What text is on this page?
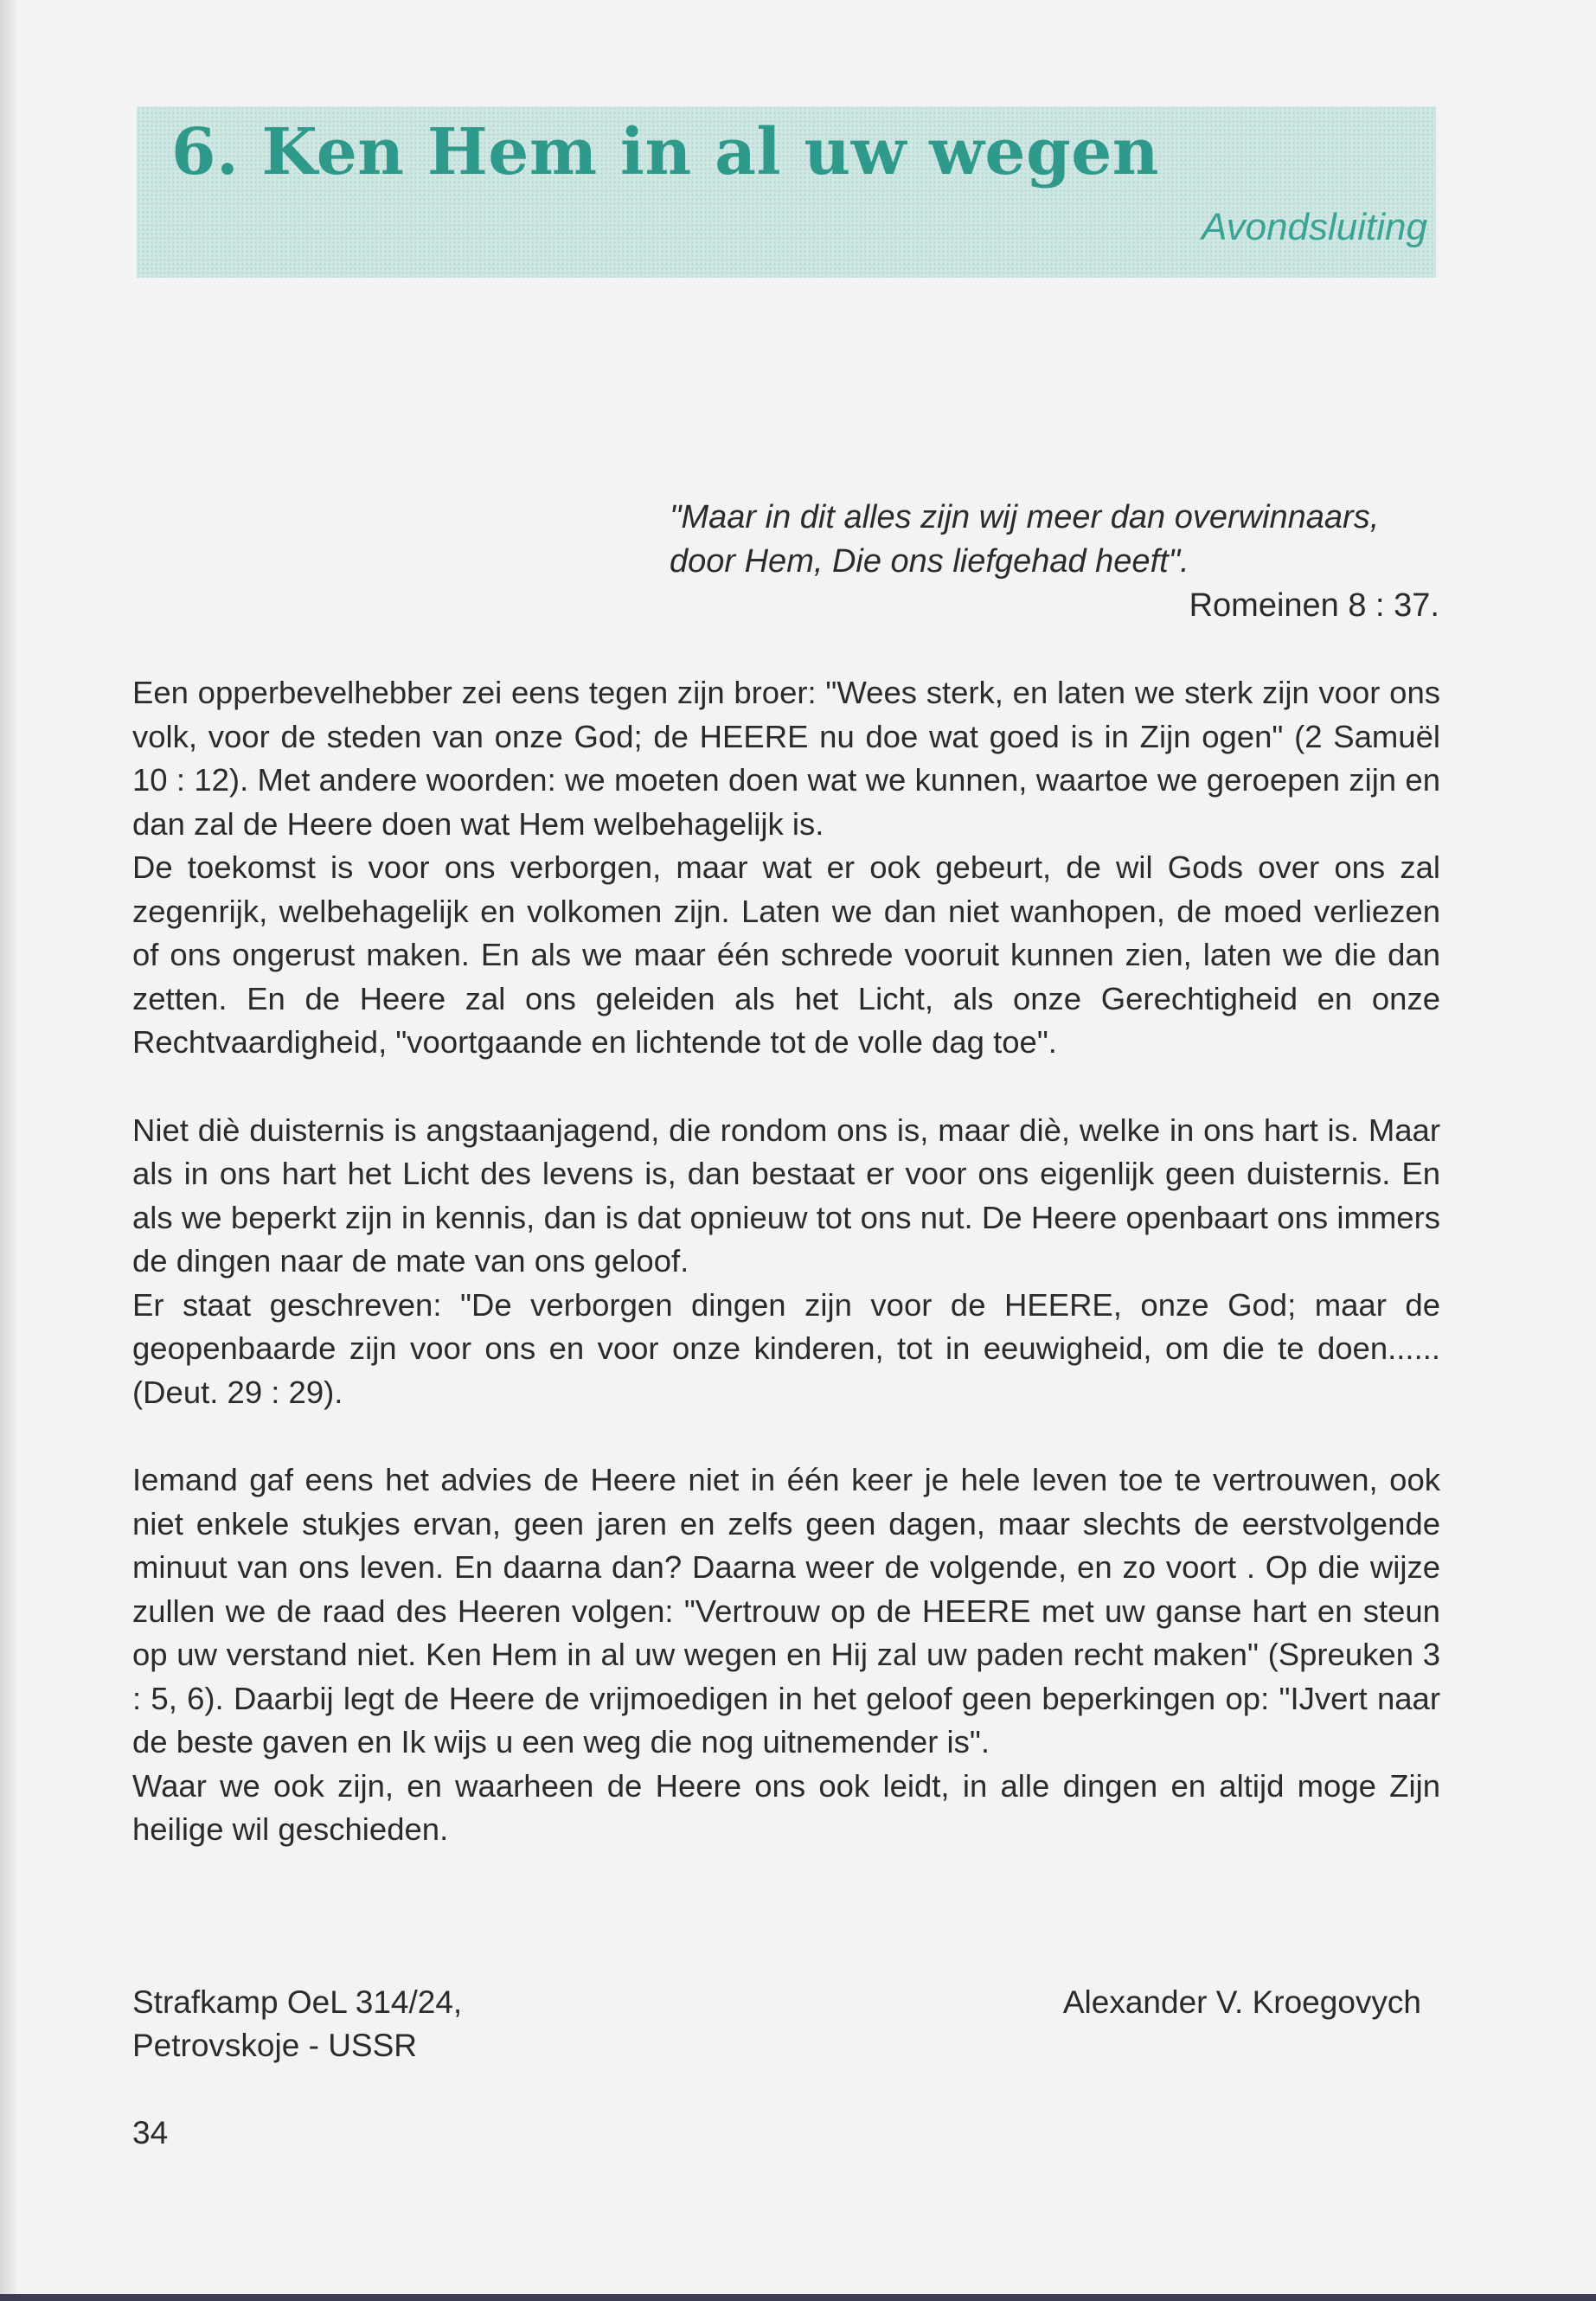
6. Ken Hem in al uw wegen
Avondsluiting
"Maar in dit alles zijn wij meer dan overwinnaars,
door Hem, Die ons liefgehad heeft".
Romeinen 8 : 37.

Een opperbevelhebber zei eens tegen zijn broer: "Wees sterk, en laten we sterk zijn voor ons volk, voor de steden van onze God; de HEERE nu doe wat goed is in Zijn ogen" (2 Samuël 10 : 12). Met andere woorden: we moeten doen wat we kunnen, waartoe we geroepen zijn en dan zal de Heere doen wat Hem welbehagelijk is.

De toekomst is voor ons verborgen, maar wat er ook gebeurt, de wil Gods over ons zal zegenrijk, welbehagelijk en volkomen zijn. Laten we dan niet wanhopen, de moed verliezen of ons ongerust maken. En als we maar één schrede vooruit kunnen zien, laten we die dan zetten. En de Heere zal ons geleiden als het Licht, als onze Gerechtigheid en onze Rechtvaardigheid, "voortgaande en lichtende tot de volle dag toe".

Niet diè duisternis is angstaanjagend, die rondom ons is, maar diè, welke in ons hart is. Maar als in ons hart het Licht des levens is, dan bestaat er voor ons eigenlijk geen duisternis. En als we beperkt zijn in kennis, dan is dat opnieuw tot ons nut. De Heere openbaart ons immers de dingen naar de mate van ons geloof.

Er staat geschreven: "De verborgen dingen zijn voor de HEERE, onze God; maar de geopenbaarde zijn voor ons en voor onze kinderen, tot in eeuwigheid, om die te doen...... (Deut. 29 : 29).

Iemand gaf eens het advies de Heere niet in één keer je hele leven toe te vertrouwen, ook niet enkele stukjes ervan, geen jaren en zelfs geen dagen, maar slechts de eerstvolgende minuut van ons leven. En daarna dan? Daarna weer de volgende, en zo voort . Op die wijze zullen we de raad des Heeren volgen: "Vertrouw op de HEERE met uw ganse hart en steun op uw verstand niet. Ken Hem in al uw wegen en Hij zal uw paden recht maken" (Spreuken 3 : 5, 6). Daarbij legt de Heere de vrijmoedigen in het geloof geen beperkingen op: "IJvert naar de beste gaven en Ik wijs u een weg die nog uitnemender is".

Waar we ook zijn, en waarheen de Heere ons ook leidt, in alle dingen en altijd moge Zijn heilige wil geschieden.

Strafkamp OeL 314/24,
Petrovskoje - USSR
Alexander V. Kroegovych
34
